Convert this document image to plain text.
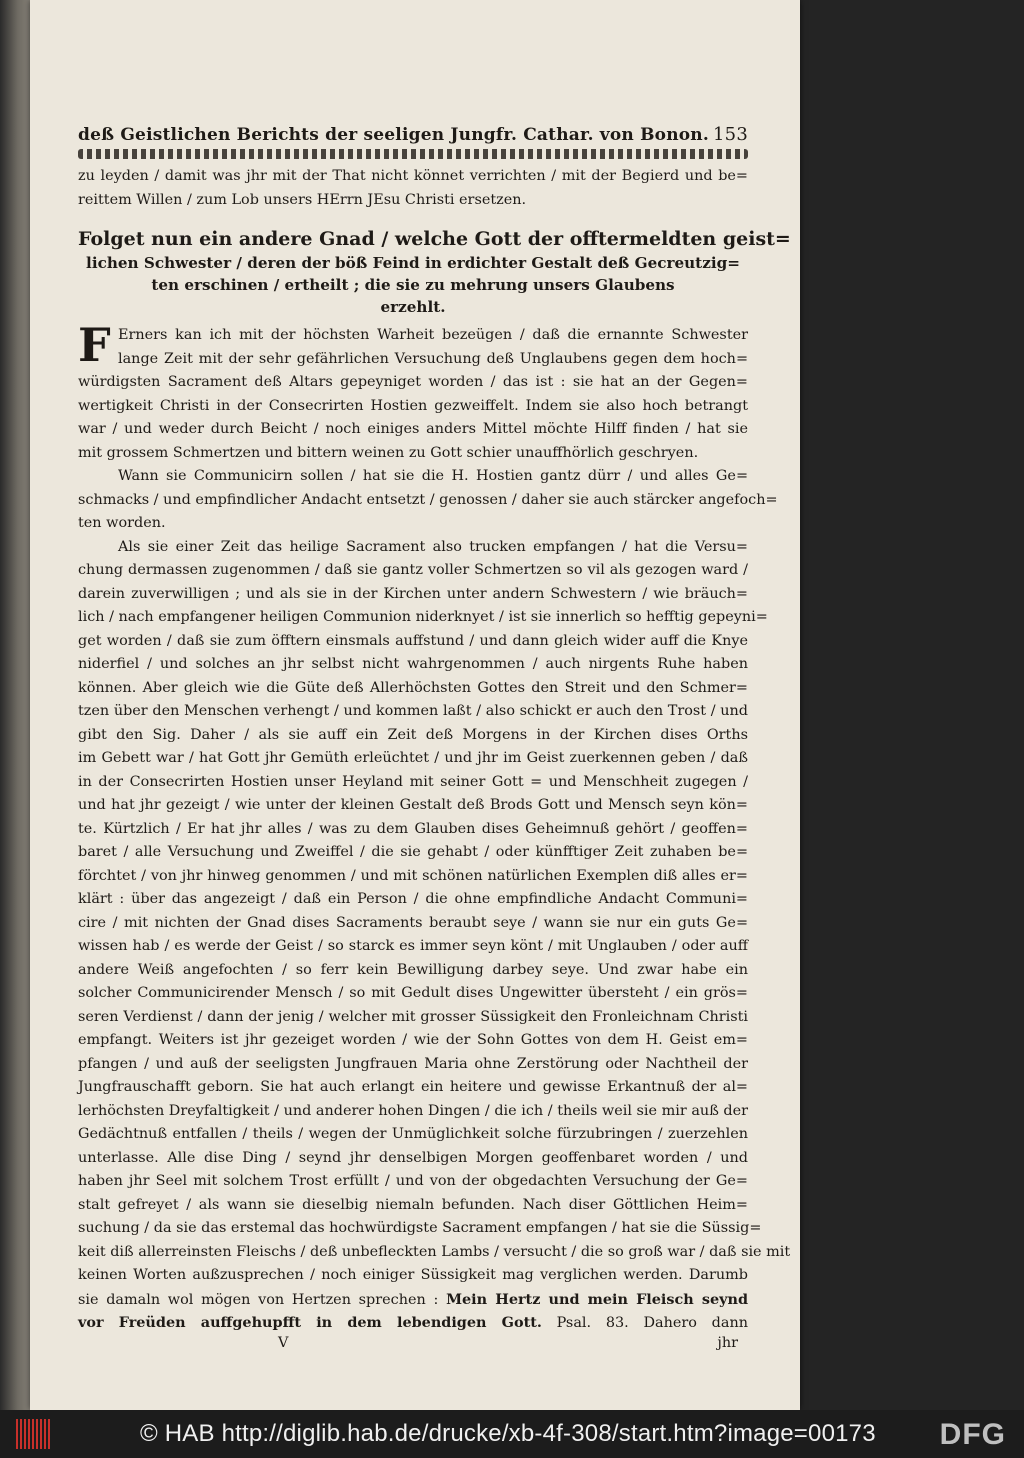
deß Geistlichen Berichts der seeligen Jungfr. Cathar. von Bonon. 153
zu leyden / damit was jhr mit der That nicht könnet verrichten / mit der Begierd und be=
reittem Willen / zum Lob unsers HErrn JEsu Christi ersetzen.
Folget nun ein andere Gnad / welche Gott der offtermeldten geist=
lichen Schwester / deren der böß Feind in erdichter Gestalt deß Gecreutzig=
ten erschinen / ertheilt ; die sie zu mehrung unsers Glaubens
erzehlt.
Erners kan ich mit der höchsten Warheit bezeügen / daß die ernannte Schwester
F lange Zeit mit der sehr gefährlichen Versuchung deß Unglaubens gegen dem hoch=
würdigsten Sacrament deß Altars gepeyniget worden / das ist : sie hat an der Gegen=
wertigkeit Christi in der Consecrirten Hostien gezweiffelt. Indem sie also hoch betrangt
war / und weder durch Beicht / noch einiges anders Mittel möchte Hilff finden / hat sie
mit grossem Schmertzen und bittern weinen zu Gott schier unauffhörlich geschryen.
Wann sie Communicirn sollen / hat sie die H. Hostien gantz dürr / und alles Ge=
schmacks / und empfindlicher Andacht entsetzt / genossen / daher sie auch stärcker angefoch=
ten worden.
Als sie einer Zeit das heilige Sacrament also trucken empfangen / hat die Versu=
chung dermassen zugenommen / daß sie gantz voller Schmertzen so vil als gezogen ward /
darein zuverwilligen ; und als sie in der Kirchen unter andern Schwestern / wie bräuch=
lich / nach empfangener heiligen Communion niderknyet / ist sie innerlich so hefftig gepeyni=
get worden / daß sie zum öfftern einsmals auffstund / und dann gleich wider auff die Knye
niderfiel / und solches an jhr selbst nicht wahrgenommen / auch nirgents Ruhe haben
können. Aber gleich wie die Güte deß Allerhöchsten Gottes den Streit und den Schmer=
tzen über den Menschen verhengt / und kommen laßt / also schickt er auch den Trost / und
gibt den Sig. Daher / als sie auff ein Zeit deß Morgens in der Kirchen dises Orths
im Gebett war / hat Gott jhr Gemüth erleüchtet / und jhr im Geist zuerkennen geben / daß
in der Consecrirten Hostien unser Heyland mit seiner Gott = und Menschheit zugegen /
und hat jhr gezeigt / wie unter der kleinen Gestalt deß Brods Gott und Mensch seyn kön=
te. Kürtzlich / Er hat jhr alles / was zu dem Glauben dises Geheimnuß gehört / geoffen=
baret / alle Versuchung und Zweiffel / die sie gehabt / oder künfftiger Zeit zuhaben be=
förchtet / von jhr hinweg genommen / und mit schönen natürlichen Exemplen diß alles er=
klärt : über das angezeigt / daß ein Person / die ohne empfindliche Andacht Communi=
cire / mit nichten der Gnad dises Sacraments beraubt seye / wann sie nur ein guts Ge=
wissen hab / es werde der Geist / so starck es immer seyn könt / mit Unglauben / oder auff
andere Weiß angefochten / so ferr kein Bewilligung darbey seye. Und zwar habe ein
solcher Communicirender Mensch / so mit Gedult dises Ungewitter übersteht / ein grös=
seren Verdienst / dann der jenig / welcher mit grosser Süssigkeit den Fronleichnam Christi
empfangt. Weiters ist jhr gezeiget worden / wie der Sohn Gottes von dem H. Geist em=
pfangen / und auß der seeligsten Jungfrauen Maria ohne Zerstörung oder Nachtheil der
Jungfrauschafft geborn. Sie hat auch erlangt ein heitere und gewisse Erkantnuß der al=
lerhöchsten Dreyfaltigkeit / und anderer hohen Dingen / die ich / theils weil sie mir auß der
Gedächtnuß entfallen / theils / wegen der Unmüglichkeit solche fürzubringen / zuerzehlen
unterlasse. Alle dise Ding / seynd jhr denselbigen Morgen geoffenbaret worden / und
haben jhr Seel mit solchem Trost erfüllt / und von der obgedachten Versuchung der Ge=
stalt gefreyet / als wann sie dieselbig niemaln befunden. Nach diser Göttlichen Heim=
suchung / da sie das erstemal das hochwürdigste Sacrament empfangen / hat sie die Süssig=
keit diß allerreinsten Fleischs / deß unbefleckten Lambs / versucht / die so groß war / daß sie mit
keinen Worten außzusprechen / noch einiger Süssigkeit mag verglichen werden. Darumb
sie damaln wol mögen von Hertzen sprechen : Mein Hertz und mein Fleisch seynd
vor Freüden auffgehupfft in dem lebendigen Gott. Psal. 83. Dahero dann
V	jhr
© HAB http://diglib.hab.de/drucke/xb-4f-308/start.htm?image=00173 DFG
